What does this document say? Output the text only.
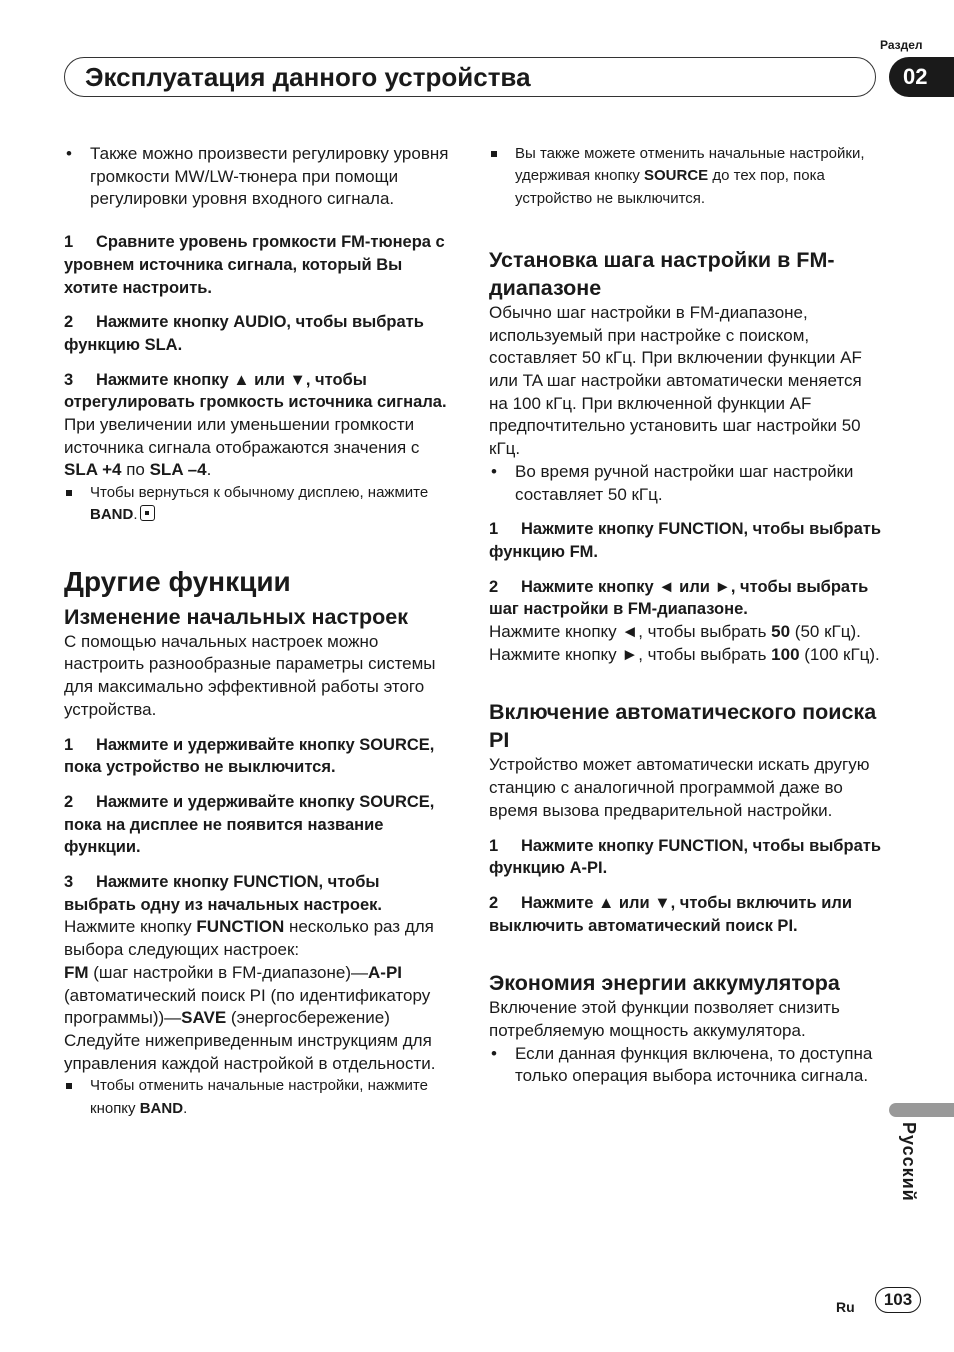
Раздел
Эксплуатация данного устройства	02
• Также можно произвести регулировку уровня громкости MW/LW-тюнера при помощи регулировки уровня входного сигнала.
1 Сравните уровень громкости FM-тюнера с уровнем источника сигнала, который Вы хотите настроить.
2 Нажмите кнопку AUDIO, чтобы выбрать функцию SLA.
3 Нажмите кнопку ▲ или ▼, чтобы отрегулировать громкость источника сигнала.

При увеличении или уменьшении громкости источника сигнала отображаются значения с SLA +4 по SLA –4.

Чтобы вернуться к обычному дисплею, нажмите BAND.
Другие функции
Изменение начальных настроек

С помощью начальных настроек можно настроить разнообразные параметры системы для максимально эффективной работы этого устройства.

1 Нажмите и удерживайте кнопку SOURCE, пока устройство не выключится.
2 Нажмите и удерживайте кнопку SOURCE, пока на дисплее не появится название функции.
3 Нажмите кнопку FUNCTION, чтобы выбрать одну из начальных настроек.

Нажмите кнопку FUNCTION несколько раз для выбора следующих настроек:

FM (шаг настройки в FM-диапазоне)—A-PI (автоматический поиск PI (по идентификатору программы))—SAVE (энергосбережение)

Следуйте нижеприведенным инструкциям для управления каждой настройкой в отдельности.

Чтобы отменить начальные настройки, нажмите кнопку BAND.
Вы также можете отменить начальные настройки, удерживая кнопку SOURCE до тех пор, пока устройство не выключится.
Установка шага настройки в FM-диапазоне

Обычно шаг настройки в FM-диапазоне, используемый при настройке с поиском, составляет 50 кГц. При включении функции AF или TA шаг настройки автоматически меняется на 100 кГц. При включенной функции AF предпочтительно установить шаг настройки 50 кГц.

• Во время ручной настройки шаг настройки составляет 50 кГц.
1 Нажмите кнопку FUNCTION, чтобы выбрать функцию FM.
2 Нажмите кнопку ◄ или ►, чтобы выбрать шаг настройки в FM-диапазоне.

Нажмите кнопку ◄, чтобы выбрать 50 (50 кГц). Нажмите кнопку ►, чтобы выбрать 100 (100 кГц).

Включение автоматического поиска PI

Устройство может автоматически искать другую станцию с аналогичной программой даже во время вызова предварительной настройки.

1 Нажмите кнопку FUNCTION, чтобы выбрать функцию A-PI.
2 Нажмите ▲ или ▼, чтобы включить или выключить автоматический поиск PI.
Экономия энергии аккумулятора

Включение этой функции позволяет снизить потребляемую мощность аккумулятора.

• Если данная функция включена, то доступна только операция выбора источника сигнала.
Русский
Ru	103
